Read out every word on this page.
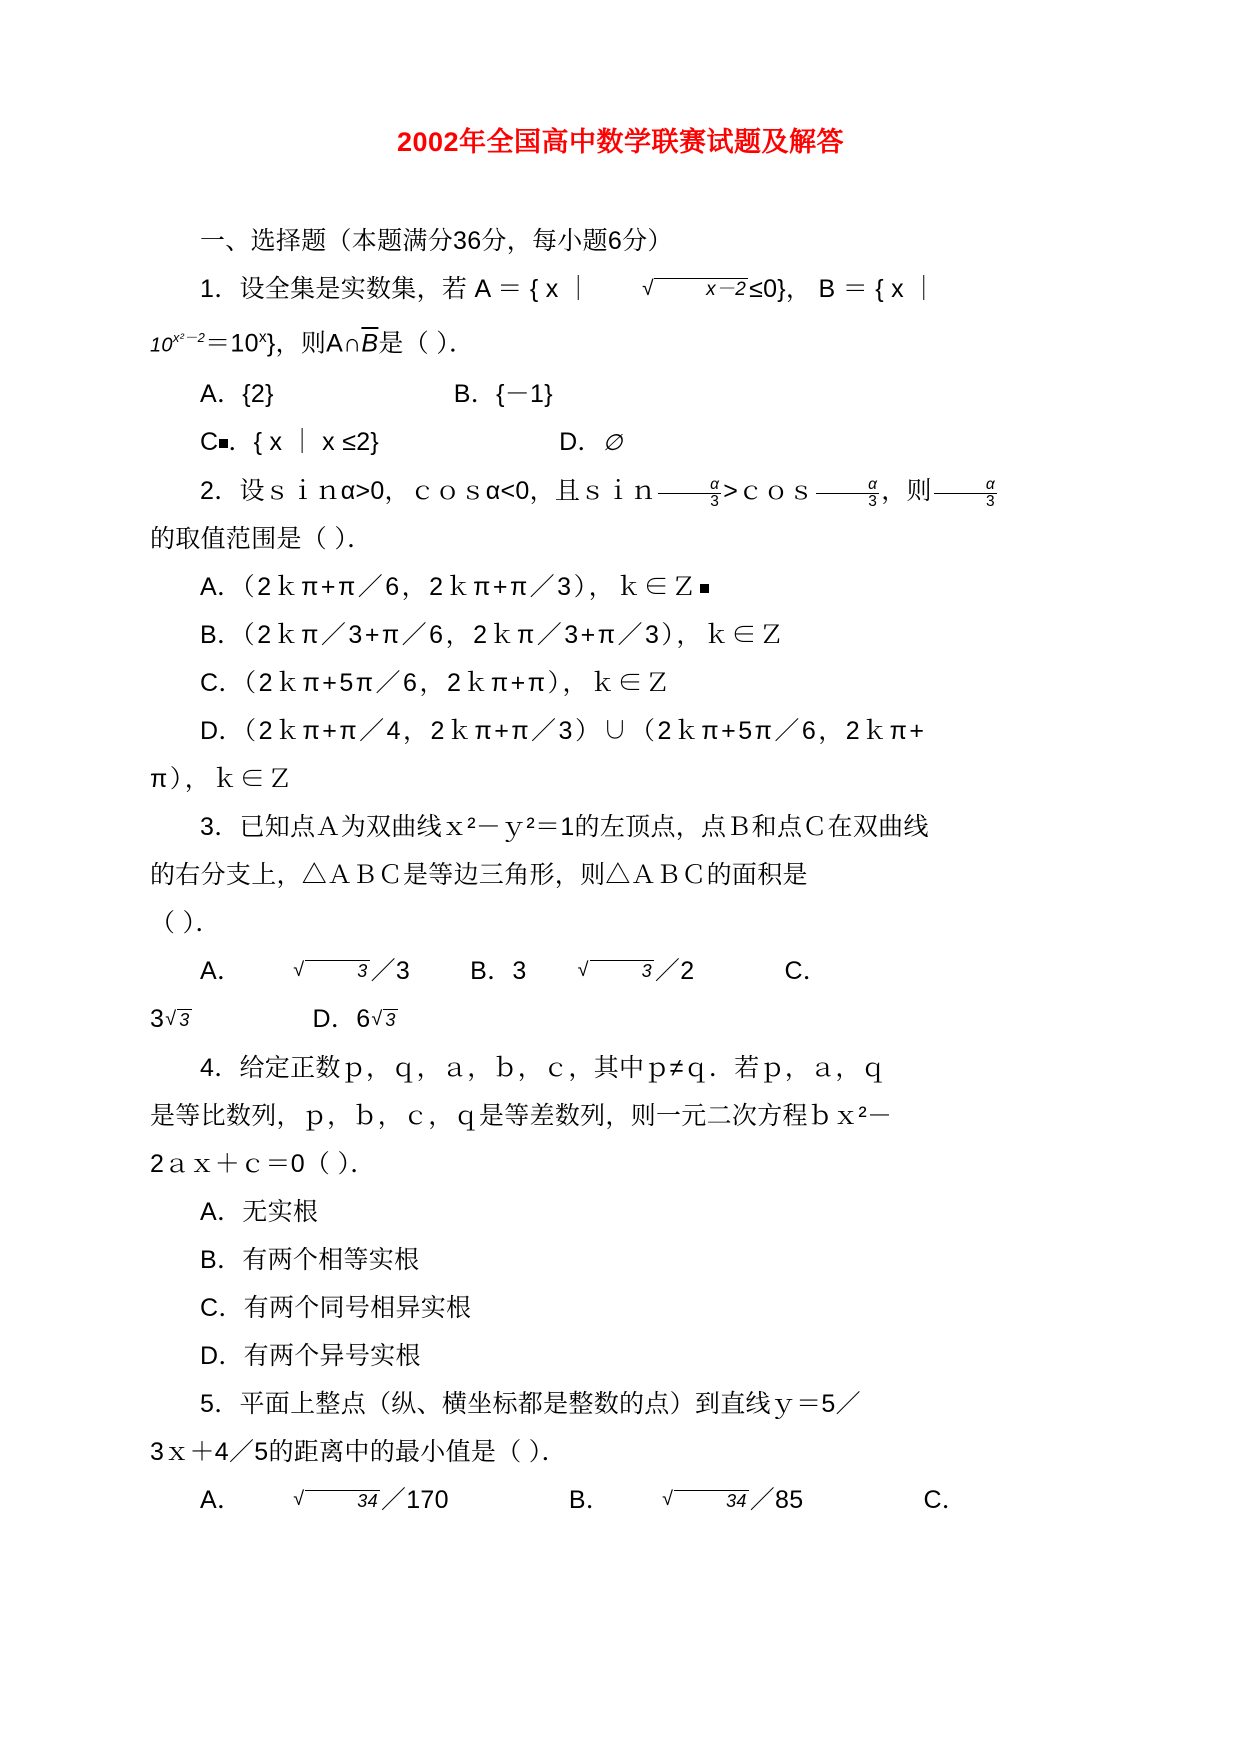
2002年全国高中数学联赛试题及解答

一、选择题（本题满分36分，每小题6分）

1．设全集是实数集，若 A ＝ { x ｜	√ x－2 ≤0}， B ＝ { x ｜

$10^{x^2-2}=10^x$}，则$A\cap\overline{B}$是（ ）．

A．{2}	B．{－1}

C ．{ x ｜ x ≤2}	D．∅

2．设ｓｉｎα>0，ｃｏｓα<0，且ｓｉｎ $\frac{\alpha}{3}$ >ｃｏｓ $\frac{\alpha}{3}$ ，则 $\frac{\alpha}{3}$

的取值范围是（ ）．

A．（2ｋπ+π／6，2ｋπ+π／3），ｋ∈Ｚ

B．（2ｋπ／3+π／6，2ｋπ／3+π／3），ｋ∈Ｚ

C．（2ｋπ+5π／6，2ｋπ+π），ｋ∈Ｚ

D．（2ｋπ+π／4，2ｋπ+π／3）∪（2ｋπ+5π／6，2ｋπ+

π），ｋ∈Ｚ

3．已知点Ａ为双曲线ｘ²－ｙ²＝1的左顶点，点Ｂ和点Ｃ在双曲线

的右分支上，△ＡＢＣ是等边三角形，则△ＡＢＣ的面积是

（ ）．

A．	√ 3 ／3 B．3	√ 3 ／2	C．

3 √ 3	D．6 √ 3

4．给定正数ｐ，ｑ，ａ，ｂ，ｃ，其中ｐ≠ｑ．若ｐ，ａ，ｑ

是等比数列，ｐ，ｂ，ｃ，ｑ是等差数列，则一元二次方程ｂｘ²－

2ａｘ＋ｃ＝0（ ）．

A．无实根

B．有两个相等实根

C．有两个同号相异实根

D．有两个异号实根

5．平面上整点（纵、横坐标都是整数的点）到直线ｙ＝5／

3ｘ＋4／5的距离中的最小值是（ ）．

A．	√ 34 ／170	B．	√ 34 ／85	C．
